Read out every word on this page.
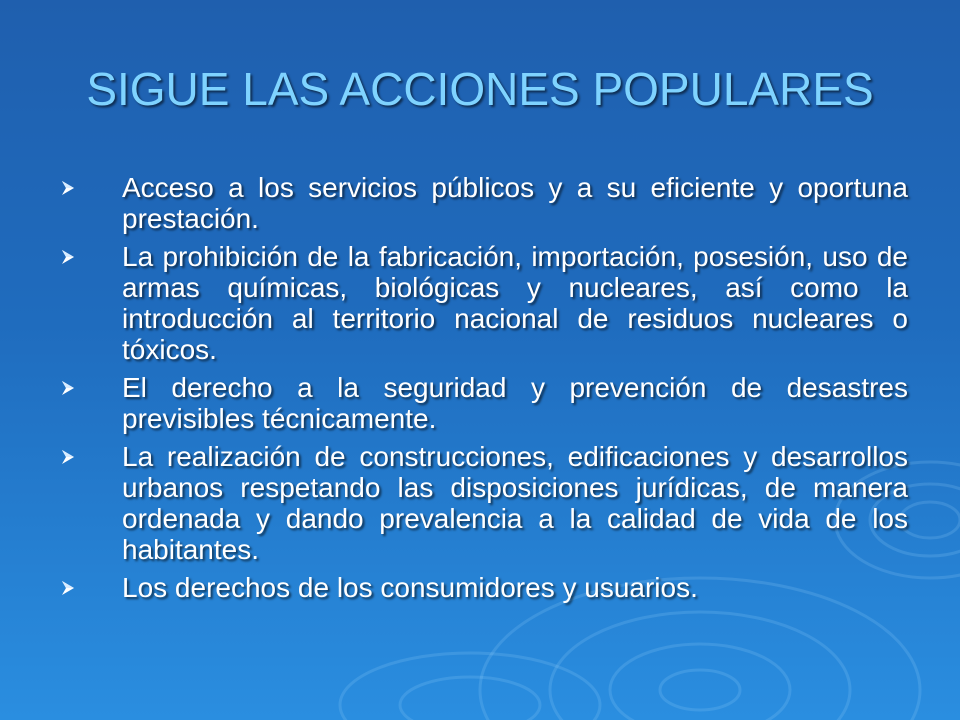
SIGUE LAS ACCIONES POPULARES
Acceso a los servicios públicos y a su eficiente y oportuna prestación.
La prohibición de la fabricación, importación, posesión, uso de armas químicas, biológicas y nucleares, así como la introducción al territorio nacional de residuos nucleares o tóxicos.
El derecho a la seguridad y prevención de desastres previsibles técnicamente.
La realización de construcciones, edificaciones y desarrollos urbanos respetando las disposiciones jurídicas, de manera ordenada y dando prevalencia a la calidad de vida de los habitantes.
Los derechos de los consumidores y usuarios.
